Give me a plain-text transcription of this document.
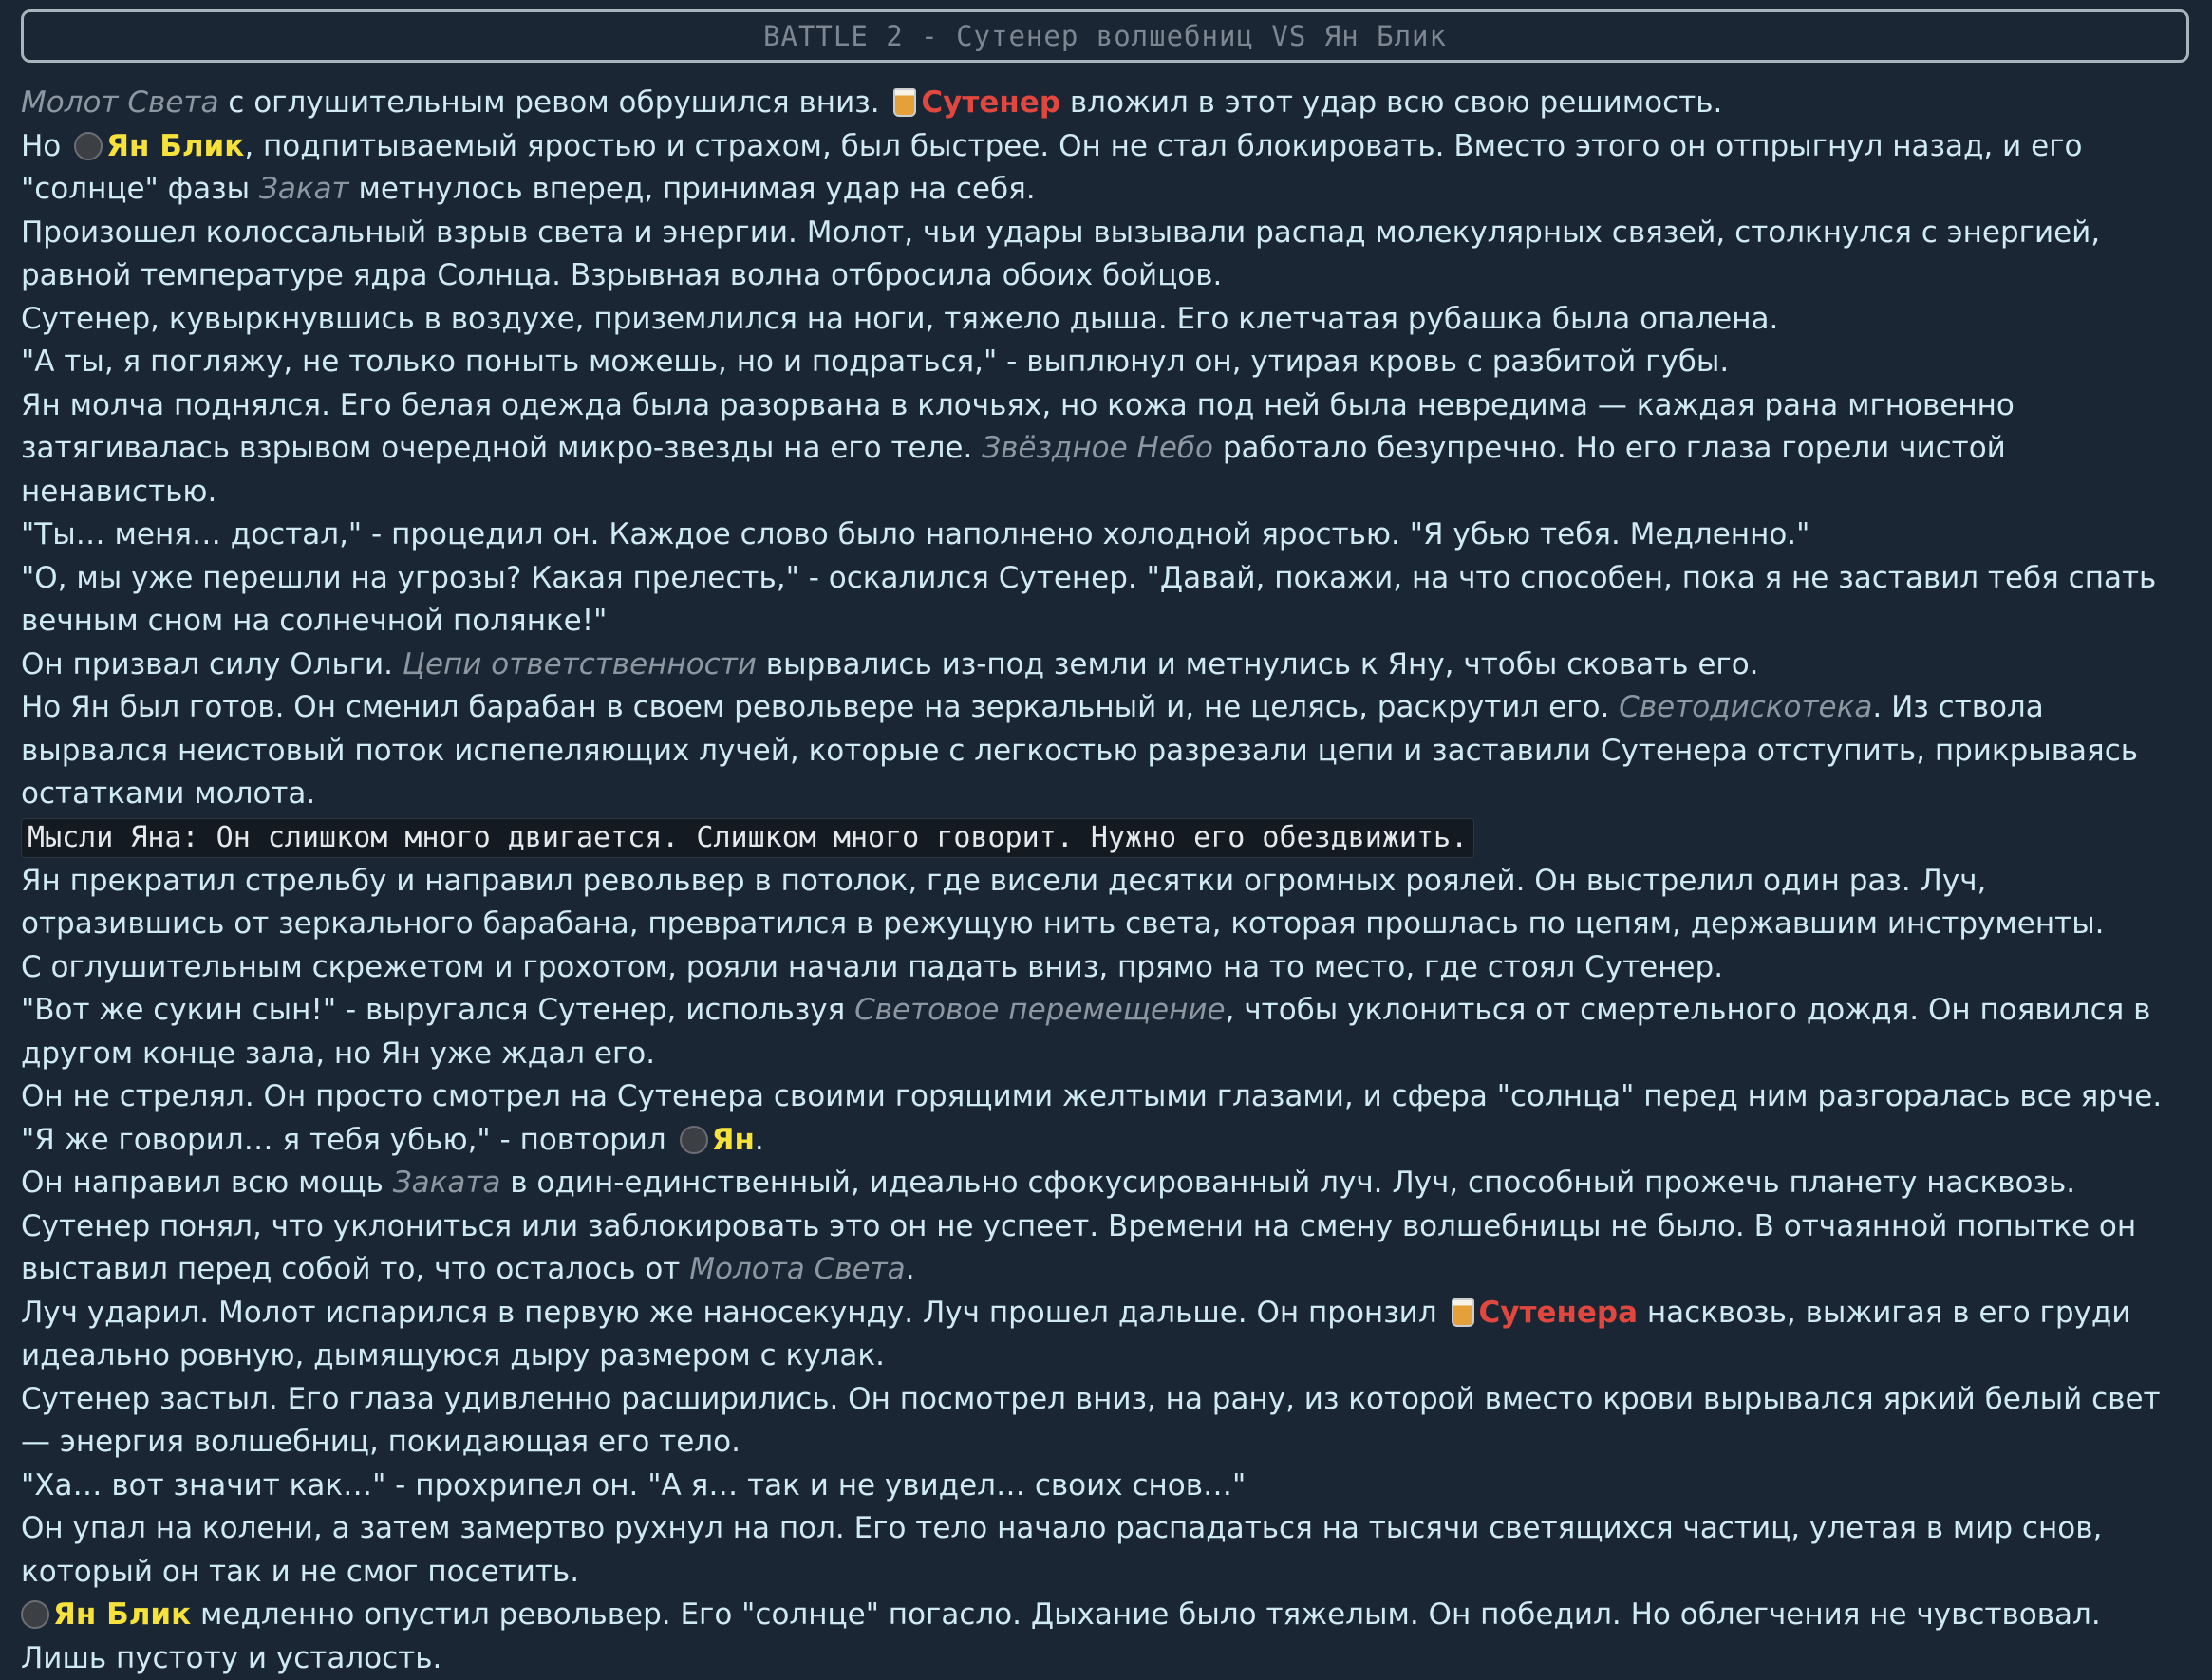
BATTLE 2 - Сутенер волшебниц VS Ян Блик

Молот Света с оглушительным ревом обрушился вниз. Сутенер вложил в этот удар всю свою решимость.

Но Ян Блик, подпитываемый яростью и страхом, был быстрее. Он не стал блокировать. Вместо этого он отпрыгнул назад, и его "солнце" фазы Закат метнулось вперед, принимая удар на себя.

Произошел колоссальный взрыв света и энергии. Молот, чьи удары вызывали распад молекулярных связей, столкнулся с энергией, равной температуре ядра Солнца. Взрывная волна отбросила обоих бойцов.

Сутенер, кувыркнувшись в воздухе, приземлился на ноги, тяжело дыша. Его клетчатая рубашка была опалена.

"А ты, я погляжу, не только поныть можешь, но и подраться," - выплюнул он, утирая кровь с разбитой губы.

Ян молча поднялся. Его белая одежда была разорвана в клочьях, но кожа под ней была невредима — каждая рана мгновенно затягивалась взрывом очередной микро-звезды на его теле. Звёздное Небо работало безупречно. Но его глаза горели чистой ненавистью.

"Ты… меня… достал," - процедил он. Каждое слово было наполнено холодной яростью. "Я убью тебя. Медленно."

"О, мы уже перешли на угрозы? Какая прелесть," - оскалился Сутенер. "Давай, покажи, на что способен, пока я не заставил тебя спать вечным сном на солнечной полянке!"

Он призвал силу Ольги. Цепи ответственности вырвались из-под земли и метнулись к Яну, чтобы сковать его.

Но Ян был готов. Он сменил барабан в своем револьвере на зеркальный и, не целясь, раскрутил его. Светодискотека. Из ствола вырвался неистовый поток испепеляющих лучей, которые с легкостью разрезали цепи и заставили Сутенера отступить, прикрываясь остатками молота.

Мысли Яна: Он слишком много двигается. Слишком много говорит. Нужно его обездвижить.

Ян прекратил стрельбу и направил револьвер в потолок, где висели десятки огромных роялей. Он выстрелил один раз. Луч, отразившись от зеркального барабана, превратился в режущую нить света, которая прошлась по цепям, державшим инструменты.

С оглушительным скрежетом и грохотом, рояли начали падать вниз, прямо на то место, где стоял Сутенер.

"Вот же сукин сын!" - выругался Сутенер, используя Световое перемещение, чтобы уклониться от смертельного дождя. Он появился в другом конце зала, но Ян уже ждал его.

Он не стрелял. Он просто смотрел на Сутенера своими горящими желтыми глазами, и сфера "солнца" перед ним разгоралась все ярче.

"Я же говорил… я тебя убью," - повторил Ян.

Он направил всю мощь Заката в один-единственный, идеально сфокусированный луч. Луч, способный прожечь планету насквозь.

Сутенер понял, что уклониться или заблокировать это он не успеет. Времени на смену волшебницы не было. В отчаянной попытке он выставил перед собой то, что осталось от Молота Света.

Луч ударил. Молот испарился в первую же наносекунду. Луч прошел дальше. Он пронзил Сутенера насквозь, выжигая в его груди идеально ровную, дымящуюся дыру размером с кулак.

Сутенер застыл. Его глаза удивленно расширились. Он посмотрел вниз, на рану, из которой вместо крови вырывался яркий белый свет — энергия волшебниц, покидающая его тело.

"Ха… вот значит как…" - прохрипел он. "А я… так и не увидел… своих снов…"

Он упал на колени, а затем замертво рухнул на пол. Его тело начало распадаться на тысячи светящихся частиц, улетая в мир снов, который он так и не смог посетить.

Ян Блик медленно опустил револьвер. Его "солнце" погасло. Дыхание было тяжелым. Он победил. Но облегчения не чувствовал. Лишь пустоту и усталость.
